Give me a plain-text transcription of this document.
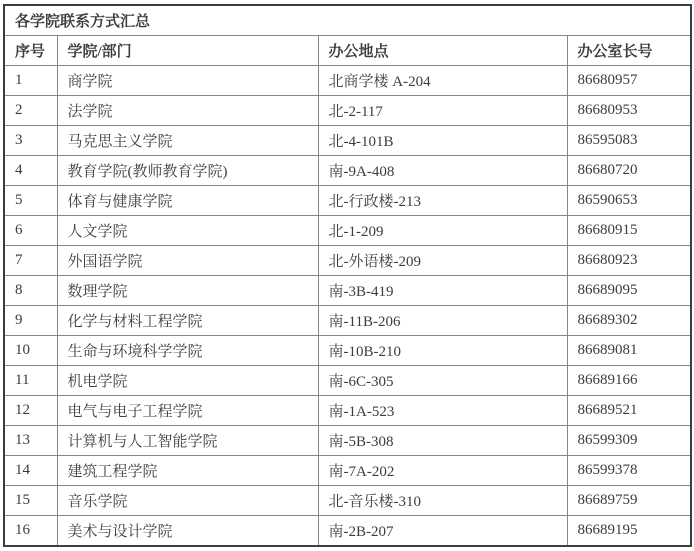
各学院联系方式汇总			
序号	学院/部门	办公地点	办公室长号
1	商学院	北商学楼 A-204	86680957
2	法学院	北-2-117	86680953
3	马克思主义学院	北-4-101B	86595083
4	教育学院(教师教育学院)	南-9A-408	86680720
5	体育与健康学院	北-行政楼-213	86590653
6	人文学院	北-1-209	86680915
7	外国语学院	北-外语楼-209	86680923
8	数理学院	南-3B-419	86689095
9	化学与材料工程学院	南-11B-206	86689302
10	生命与环境科学学院	南-10B-210	86689081
11	机电学院	南-6C-305	86689166
12	电气与电子工程学院	南-1A-523	86689521
13	计算机与人工智能学院	南-5B-308	86599309
14	建筑工程学院	南-7A-202	86599378
15	音乐学院	北-音乐楼-310	86689759
16	美术与设计学院	南-2B-207	86689195
